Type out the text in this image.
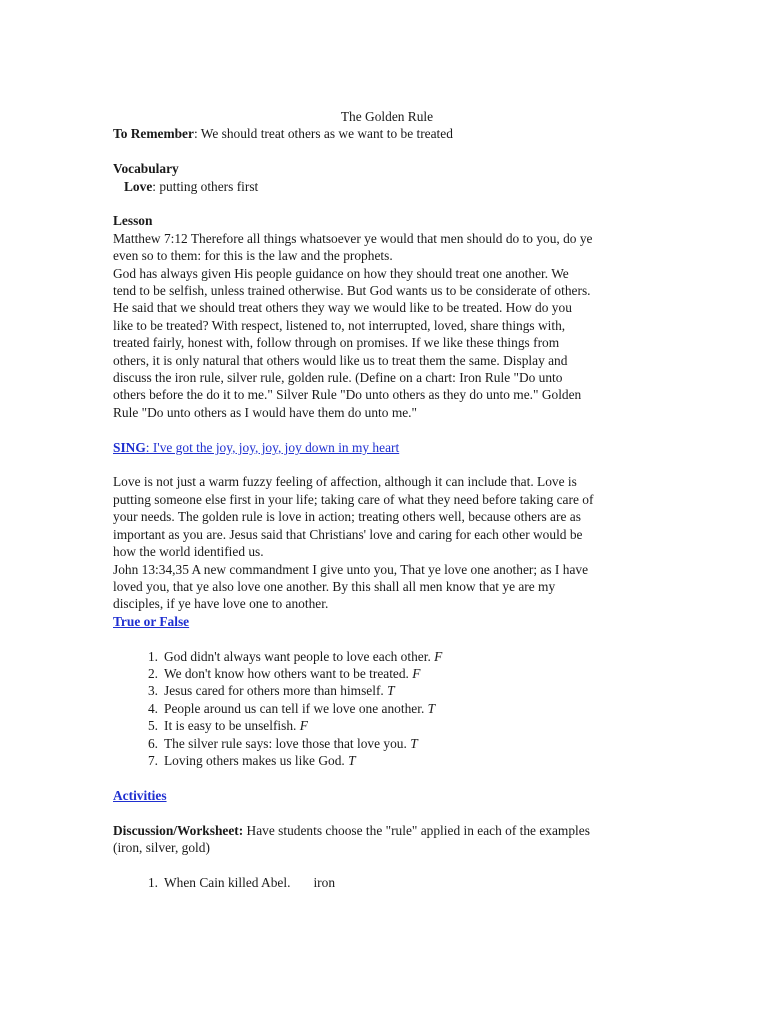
The Golden Rule
To Remember: We should treat others as we want to be treated
Vocabulary
Love: putting others first
Lesson
Matthew 7:12 Therefore all things whatsoever ye would that men should do to you, do ye
even so to them: for this is the law and the prophets.
God has always given His people guidance on how they should treat one another. We
tend to be selfish, unless trained otherwise. But God wants us to be considerate of others.
He said that we should treat others they way we would like to be treated. How do you
like to be treated? With respect, listened to, not interrupted, loved, share things with,
treated fairly, honest with, follow through on promises. If we like these things from
others, it is only natural that others would like us to treat them the same. Display and
discuss the iron rule, silver rule, golden rule. (Define on a chart: Iron Rule "Do unto
others before the do it to me." Silver Rule "Do unto others as they do unto me." Golden
Rule "Do unto others as I would have them do unto me."
SING: I've got the joy, joy, joy, joy down in my heart
Love is not just a warm fuzzy feeling of affection, although it can include that. Love is
putting someone else first in your life; taking care of what they need before taking care of
your needs. The golden rule is love in action; treating others well, because others are as
important as you are. Jesus said that Christians' love and caring for each other would be
how the world identified us.
John 13:34,35 A new commandment I give unto you, That ye love one another; as I have
loved you, that ye also love one another. By this shall all men know that ye are my
disciples, if ye have love one to another.
True or False
1. God didn't always want people to love each other. F
2. We don't know how others want to be treated. F
3. Jesus cared for others more than himself. T
4. People around us can tell if we love one another. T
5. It is easy to be unselfish. F
6. The silver rule says: love those that love you. T
7. Loving others makes us like God. T
Activities
Discussion/Worksheet: Have students choose the "rule" applied in each of the examples
(iron, silver, gold)
1. When Cain killed Abel. iron
